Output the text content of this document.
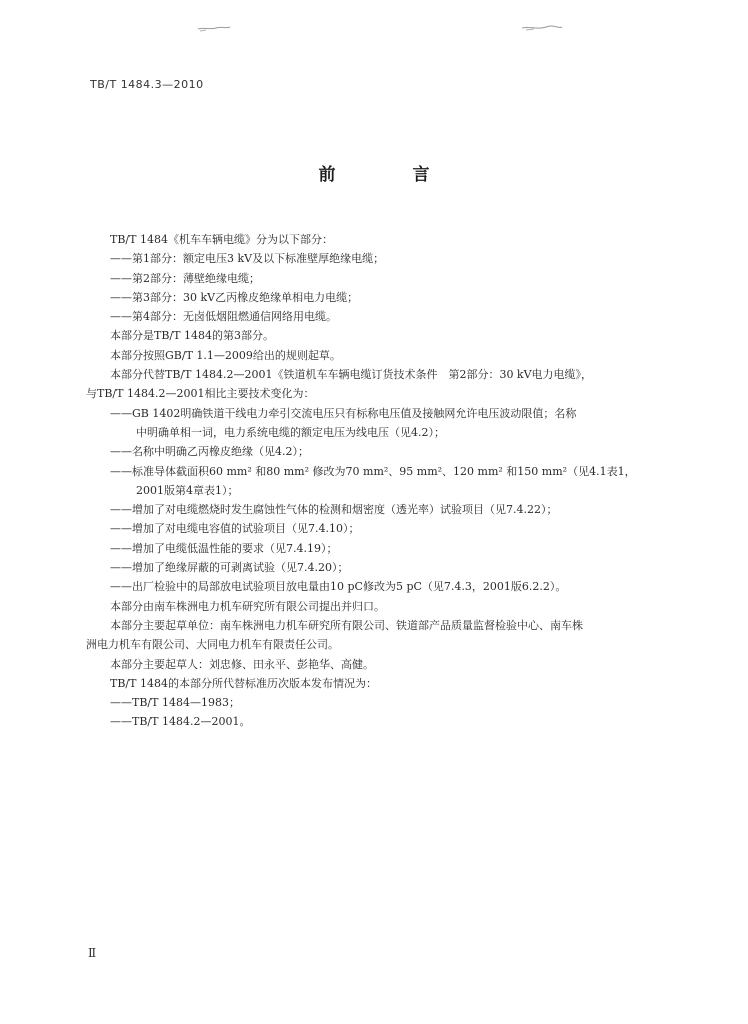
TB/T 1484.3—2010
前　言

TB/T 1484《机车车辆电缆》分为以下部分：

——第1部分：额定电压3 kV及以下标准壁厚绝缘电缆；

——第2部分：薄壁绝缘电缆；

——第3部分：30 kV乙丙橡皮绝缘单相电力电缆；

——第4部分：无卤低烟阻燃通信网络用电缆。

本部分是TB/T 1484的第3部分。

本部分按照GB/T 1.1—2009给出的规则起草。

本部分代替TB/T 1484.2—2001《铁道机车车辆电缆订货技术条件　第2部分：30 kV电力电缆》，

与TB/T 1484.2—2001相比主要技术变化为：

——GB 1402明确铁道干线电力牵引交流电压只有标称电压值及接触网允许电压波动限值；名称

中明确单相一词，电力系统电缆的额定电压为线电压（见4.2）；

——名称中明确乙丙橡皮绝缘（见4.2）；

——标准导体截面积60 mm² 和80 mm² 修改为70 mm²、95 mm²、120 mm² 和150 mm²（见4.1表1，

2001版第4章表1）；

——增加了对电缆燃烧时发生腐蚀性气体的检测和烟密度（透光率）试验项目（见7.4.22）；

——增加了对电缆电容值的试验项目（见7.4.10）；

——增加了电缆低温性能的要求（见7.4.19）；

——增加了绝缘屏蔽的可剥离试验（见7.4.20）；

——出厂检验中的局部放电试验项目放电量由10 pC修改为5 pC（见7.4.3，2001版6.2.2）。

本部分由南车株洲电力机车研究所有限公司提出并归口。

本部分主要起草单位：南车株洲电力机车研究所有限公司、铁道部产品质量监督检验中心、南车株

洲电力机车有限公司、大同电力机车有限责任公司。

本部分主要起草人：刘忠修、田永平、彭艳华、高健。

TB/T 1484的本部分所代替标准历次版本发布情况为：

——TB/T 1484—1983；

——TB/T 1484.2—2001。

Ⅱ
